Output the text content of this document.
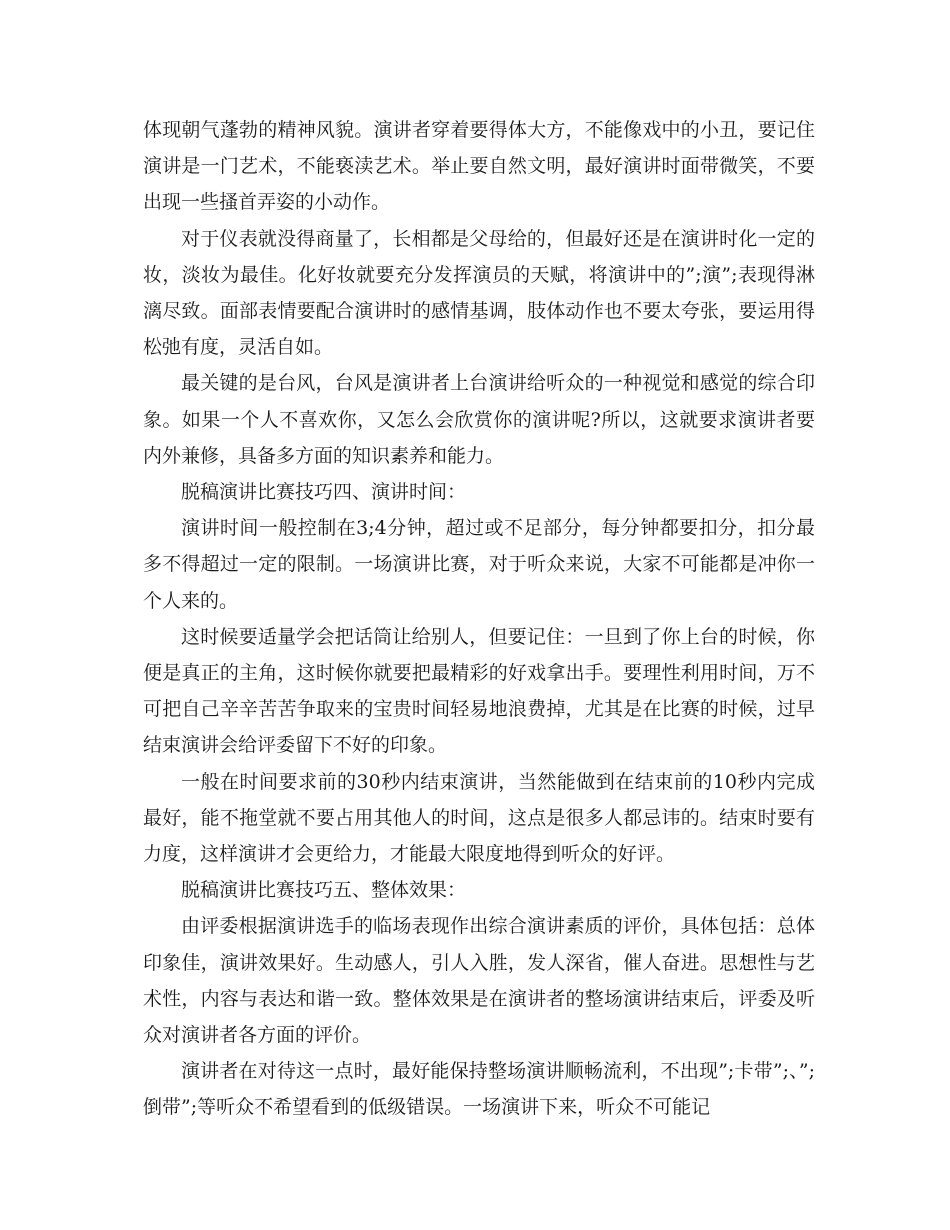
体现朝气蓬勃的精神风貌。演讲者穿着要得体大方，不能像戏中的小丑，要记住演讲是一门艺术，不能亵渎艺术。举止要自然文明，最好演讲时面带微笑，不要出现一些搔首弄姿的小动作。

对于仪表就没得商量了，长相都是父母给的，但最好还是在演讲时化一定的妆，淡妆为最佳。化好妆就要充分发挥演员的天赋，将演讲中的”;演”;表现得淋漓尽致。面部表情要配合演讲时的感情基调，肢体动作也不要太夸张，要运用得松弛有度，灵活自如。

最关键的是台风，台风是演讲者上台演讲给听众的一种视觉和感觉的综合印象。如果一个人不喜欢你，又怎么会欣赏你的演讲呢?所以，这就要求演讲者要内外兼修，具备多方面的知识素养和能力。

脱稿演讲比赛技巧四、演讲时间：

演讲时间一般控制在3;4分钟，超过或不足部分，每分钟都要扣分，扣分最多不得超过一定的限制。一场演讲比赛，对于听众来说，大家不可能都是冲你一个人来的。

这时候要适量学会把话筒让给别人，但要记住：一旦到了你上台的时候，你便是真正的主角，这时候你就要把最精彩的好戏拿出手。要理性利用时间，万不可把自己辛辛苦苦争取来的宝贵时间轻易地浪费掉，尤其是在比赛的时候，过早结束演讲会给评委留下不好的印象。

一般在时间要求前的30秒内结束演讲，当然能做到在结束前的10秒内完成最好，能不拖堂就不要占用其他人的时间，这点是很多人都忌讳的。结束时要有力度，这样演讲才会更给力，才能最大限度地得到听众的好评。

脱稿演讲比赛技巧五、整体效果：

由评委根据演讲选手的临场表现作出综合演讲素质的评价，具体包括：总体印象佳，演讲效果好。生动感人，引人入胜，发人深省，催人奋进。思想性与艺术性，内容与表达和谐一致。整体效果是在演讲者的整场演讲结束后，评委及听众对演讲者各方面的评价。

演讲者在对待这一点时，最好能保持整场演讲顺畅流利，不出现”;卡带”;、”;倒带”;等听众不希望看到的低级错误。一场演讲下来，听众不可能记
